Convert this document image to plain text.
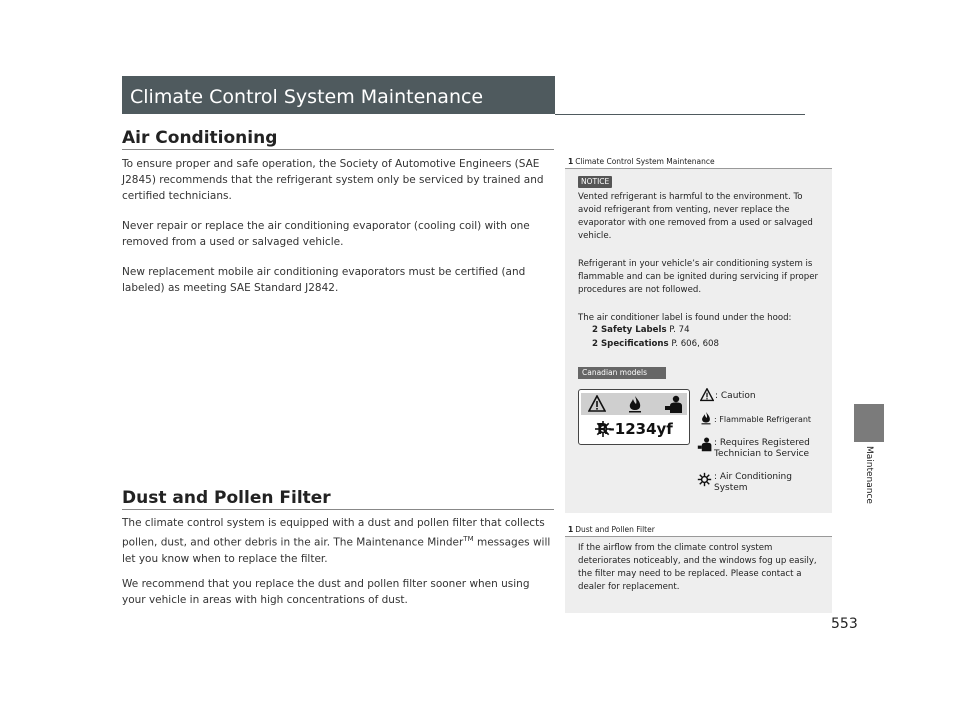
Climate Control System Maintenance
Air Conditioning

To ensure proper and safe operation, the Society of Automotive Engineers (SAE J2845) recommends that the refrigerant system only be serviced by trained and certified technicians.

Never repair or replace the air conditioning evaporator (cooling coil) with one removed from a used or salvaged vehicle.

New replacement mobile air conditioning evaporators must be certified (and labeled) as meeting SAE Standard J2842.

Dust and Pollen Filter

The climate control system is equipped with a dust and pollen filter that collects pollen, dust, and other debris in the air. The Maintenance Minder™ messages will let you know when to replace the filter.

We recommend that you replace the dust and pollen filter sooner when using your vehicle in areas with high concentrations of dust.

1 Climate Control System Maintenance
NOTICE

Vented refrigerant is harmful to the environment. To avoid refrigerant from venting, never replace the evaporator with one removed from a used or salvaged vehicle.

Refrigerant in your vehicle’s air conditioning system is flammable and can be ignited during servicing if proper procedures are not followed.

The air conditioner label is found under the hood:

2 Safety Labels P. 74
2 Specifications P. 606, 608
Canadian models
R-1234yf
: Caution
: Flammable Refrigerant
: Requires Registered Technician to Service
: Air Conditioning System
1 Dust and Pollen Filter

If the airflow from the climate control system deteriorates noticeably, and the windows fog up easily, the filter may need to be replaced. Please contact a dealer for replacement.

Maintenance
553
